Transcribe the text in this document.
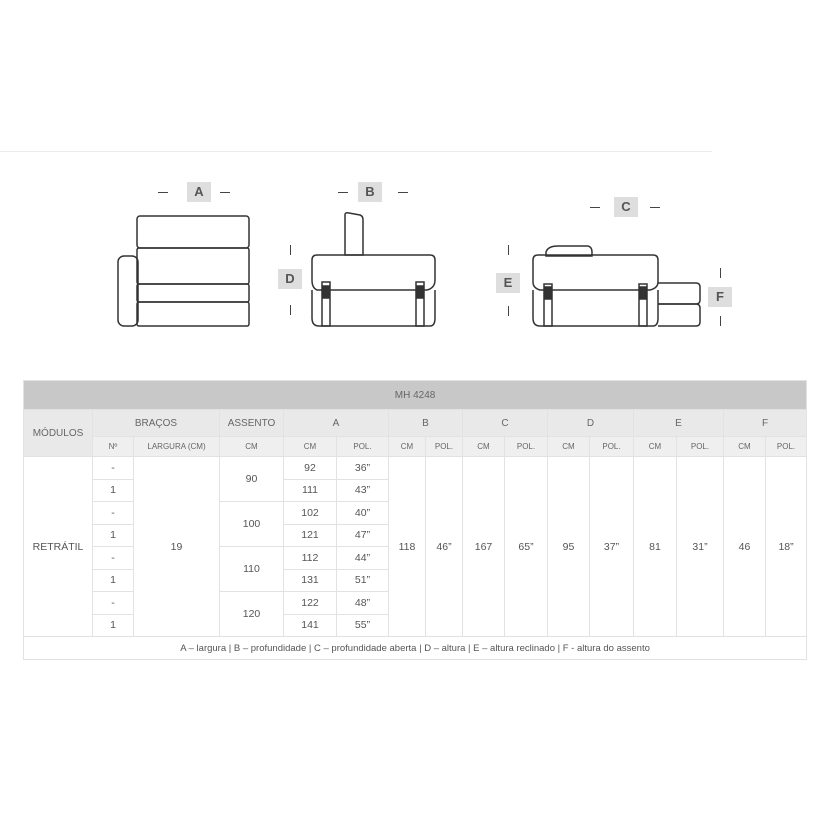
A	B
D
C
E
F
MH 4248															
MÓDULOS	BRAÇOS		ASSENTO	A		B		C		D		E		F	
	Nº	LARGURA (CM)	CM	CM	POL.	CM	POL.	CM	POL.	CM	POL.	CM	POL.	CM	POL.
RETRÁTIL	-	19	90	92	36”	118	46”	167	65”	95	37”	81	31”	46	18”
	1			111	43”										
	-		100	102	40”										
	1			121	47”										
	-		110	112	44”										
	1			131	51”										
	-		120	122	48”										
	1			141	55”										
A – largura | B – profundidade | C – profundidade aberta | D – altura | E – altura reclinado | F - altura do assento															
